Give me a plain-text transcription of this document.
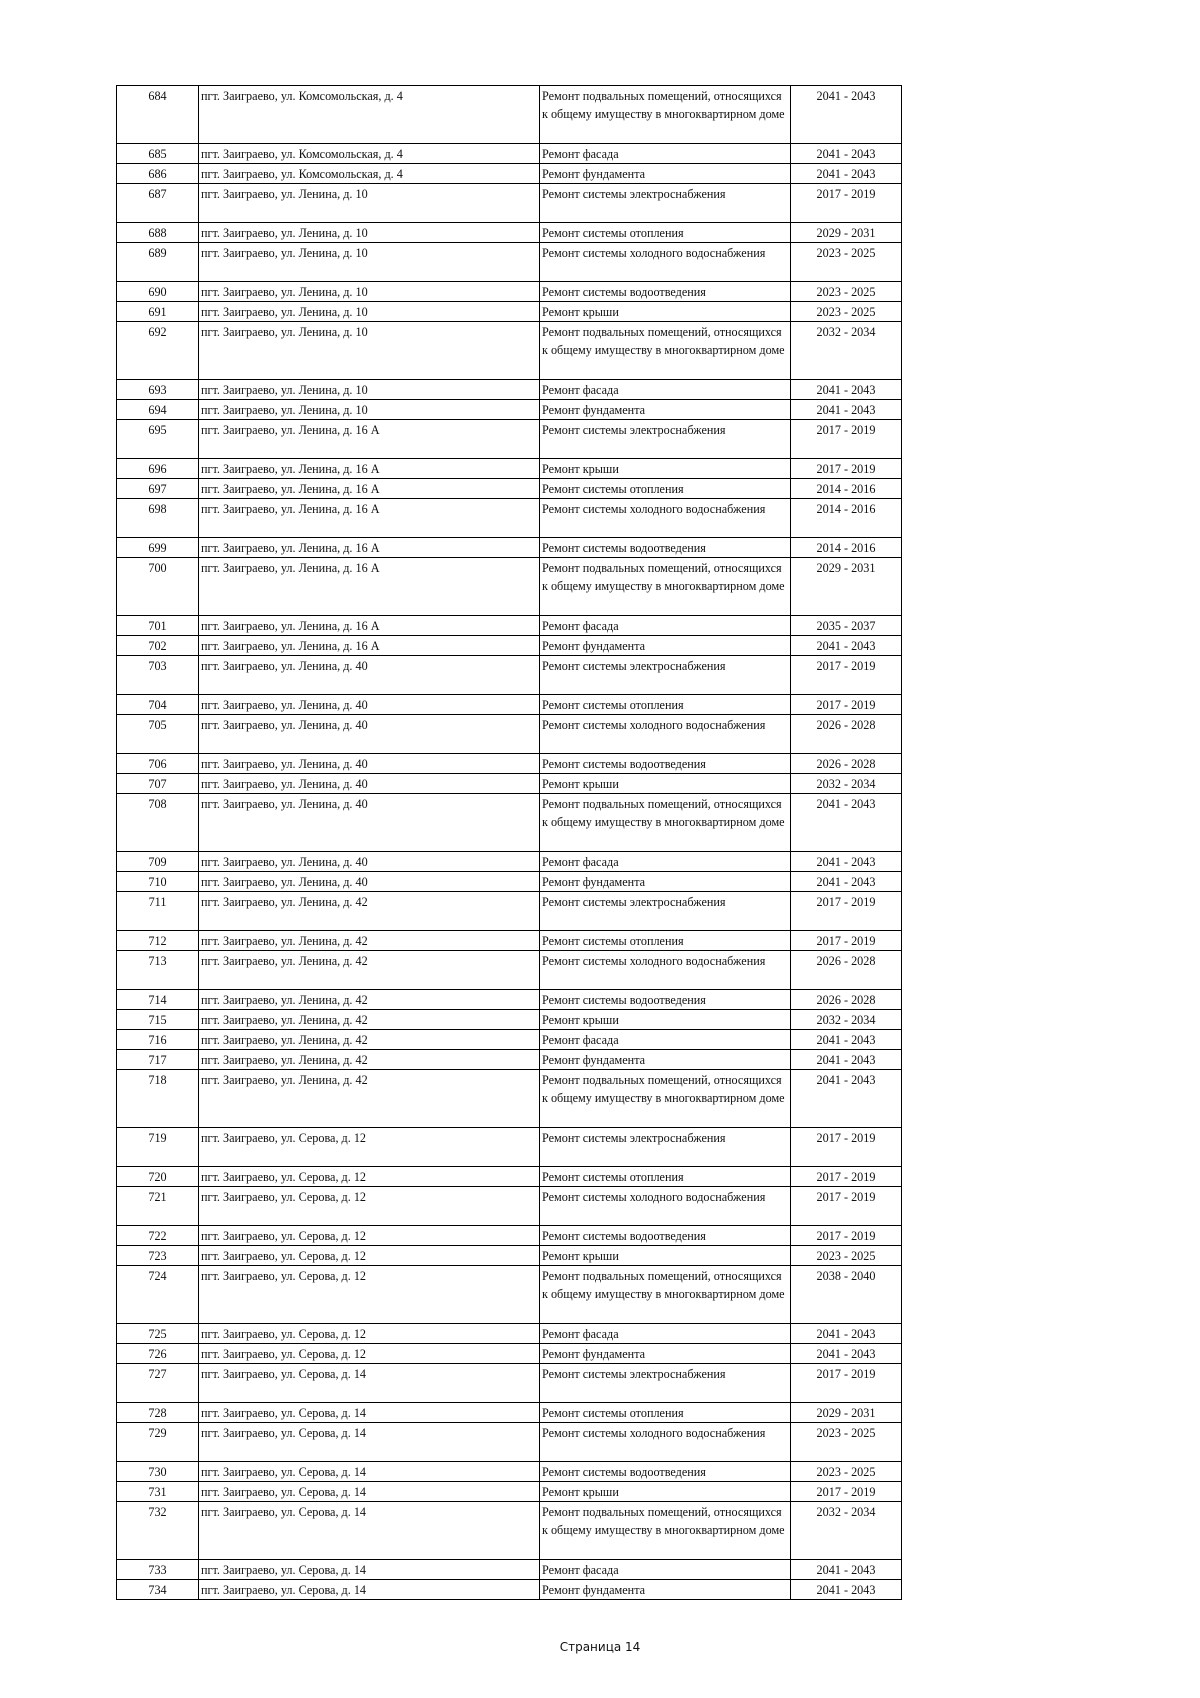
684	пгт. Заиграево, ул. Комсомольская, д. 4	Ремонт подвальных помещений, относящихся к общему имуществу в многоквартирном доме	2041 - 2043
685	пгт. Заиграево, ул. Комсомольская, д. 4	Ремонт фасада	2041 - 2043
686	пгт. Заиграево, ул. Комсомольская, д. 4	Ремонт фундамента	2041 - 2043
687	пгт. Заиграево, ул. Ленина, д. 10	Ремонт системы электроснабжения	2017 - 2019
688	пгт. Заиграево, ул. Ленина, д. 10	Ремонт системы отопления	2029 - 2031
689	пгт. Заиграево, ул. Ленина, д. 10	Ремонт системы холодного водоснабжения	2023 - 2025
690	пгт. Заиграево, ул. Ленина, д. 10	Ремонт системы водоотведения	2023 - 2025
691	пгт. Заиграево, ул. Ленина, д. 10	Ремонт крыши	2023 - 2025
692	пгт. Заиграево, ул. Ленина, д. 10	Ремонт подвальных помещений, относящихся к общему имуществу в многоквартирном доме	2032 - 2034
693	пгт. Заиграево, ул. Ленина, д. 10	Ремонт фасада	2041 - 2043
694	пгт. Заиграево, ул. Ленина, д. 10	Ремонт фундамента	2041 - 2043
695	пгт. Заиграево, ул. Ленина, д. 16 А	Ремонт системы электроснабжения	2017 - 2019
696	пгт. Заиграево, ул. Ленина, д. 16 А	Ремонт крыши	2017 - 2019
697	пгт. Заиграево, ул. Ленина, д. 16 А	Ремонт системы отопления	2014 - 2016
698	пгт. Заиграево, ул. Ленина, д. 16 А	Ремонт системы холодного водоснабжения	2014 - 2016
699	пгт. Заиграево, ул. Ленина, д. 16 А	Ремонт системы водоотведения	2014 - 2016
700	пгт. Заиграево, ул. Ленина, д. 16 А	Ремонт подвальных помещений, относящихся к общему имуществу в многоквартирном доме	2029 - 2031
701	пгт. Заиграево, ул. Ленина, д. 16 А	Ремонт фасада	2035 - 2037
702	пгт. Заиграево, ул. Ленина, д. 16 А	Ремонт фундамента	2041 - 2043
703	пгт. Заиграево, ул. Ленина, д. 40	Ремонт системы электроснабжения	2017 - 2019
704	пгт. Заиграево, ул. Ленина, д. 40	Ремонт системы отопления	2017 - 2019
705	пгт. Заиграево, ул. Ленина, д. 40	Ремонт системы холодного водоснабжения	2026 - 2028
706	пгт. Заиграево, ул. Ленина, д. 40	Ремонт системы водоотведения	2026 - 2028
707	пгт. Заиграево, ул. Ленина, д. 40	Ремонт крыши	2032 - 2034
708	пгт. Заиграево, ул. Ленина, д. 40	Ремонт подвальных помещений, относящихся к общему имуществу в многоквартирном доме	2041 - 2043
709	пгт. Заиграево, ул. Ленина, д. 40	Ремонт фасада	2041 - 2043
710	пгт. Заиграево, ул. Ленина, д. 40	Ремонт фундамента	2041 - 2043
711	пгт. Заиграево, ул. Ленина, д. 42	Ремонт системы электроснабжения	2017 - 2019
712	пгт. Заиграево, ул. Ленина, д. 42	Ремонт системы отопления	2017 - 2019
713	пгт. Заиграево, ул. Ленина, д. 42	Ремонт системы холодного водоснабжения	2026 - 2028
714	пгт. Заиграево, ул. Ленина, д. 42	Ремонт системы водоотведения	2026 - 2028
715	пгт. Заиграево, ул. Ленина, д. 42	Ремонт крыши	2032 - 2034
716	пгт. Заиграево, ул. Ленина, д. 42	Ремонт фасада	2041 - 2043
717	пгт. Заиграево, ул. Ленина, д. 42	Ремонт фундамента	2041 - 2043
718	пгт. Заиграево, ул. Ленина, д. 42	Ремонт подвальных помещений, относящихся к общему имуществу в многоквартирном доме	2041 - 2043
719	пгт. Заиграево, ул. Серова, д. 12	Ремонт системы электроснабжения	2017 - 2019
720	пгт. Заиграево, ул. Серова, д. 12	Ремонт системы отопления	2017 - 2019
721	пгт. Заиграево, ул. Серова, д. 12	Ремонт системы холодного водоснабжения	2017 - 2019
722	пгт. Заиграево, ул. Серова, д. 12	Ремонт системы водоотведения	2017 - 2019
723	пгт. Заиграево, ул. Серова, д. 12	Ремонт крыши	2023 - 2025
724	пгт. Заиграево, ул. Серова, д. 12	Ремонт подвальных помещений, относящихся к общему имуществу в многоквартирном доме	2038 - 2040
725	пгт. Заиграево, ул. Серова, д. 12	Ремонт фасада	2041 - 2043
726	пгт. Заиграево, ул. Серова, д. 12	Ремонт фундамента	2041 - 2043
727	пгт. Заиграево, ул. Серова, д. 14	Ремонт системы электроснабжения	2017 - 2019
728	пгт. Заиграево, ул. Серова, д. 14	Ремонт системы отопления	2029 - 2031
729	пгт. Заиграево, ул. Серова, д. 14	Ремонт системы холодного водоснабжения	2023 - 2025
730	пгт. Заиграево, ул. Серова, д. 14	Ремонт системы водоотведения	2023 - 2025
731	пгт. Заиграево, ул. Серова, д. 14	Ремонт крыши	2017 - 2019
732	пгт. Заиграево, ул. Серова, д. 14	Ремонт подвальных помещений, относящихся к общему имуществу в многоквартирном доме	2032 - 2034
733	пгт. Заиграево, ул. Серова, д. 14	Ремонт фасада	2041 - 2043
734	пгт. Заиграево, ул. Серова, д. 14	Ремонт фундамента	2041 - 2043
Страница 14
